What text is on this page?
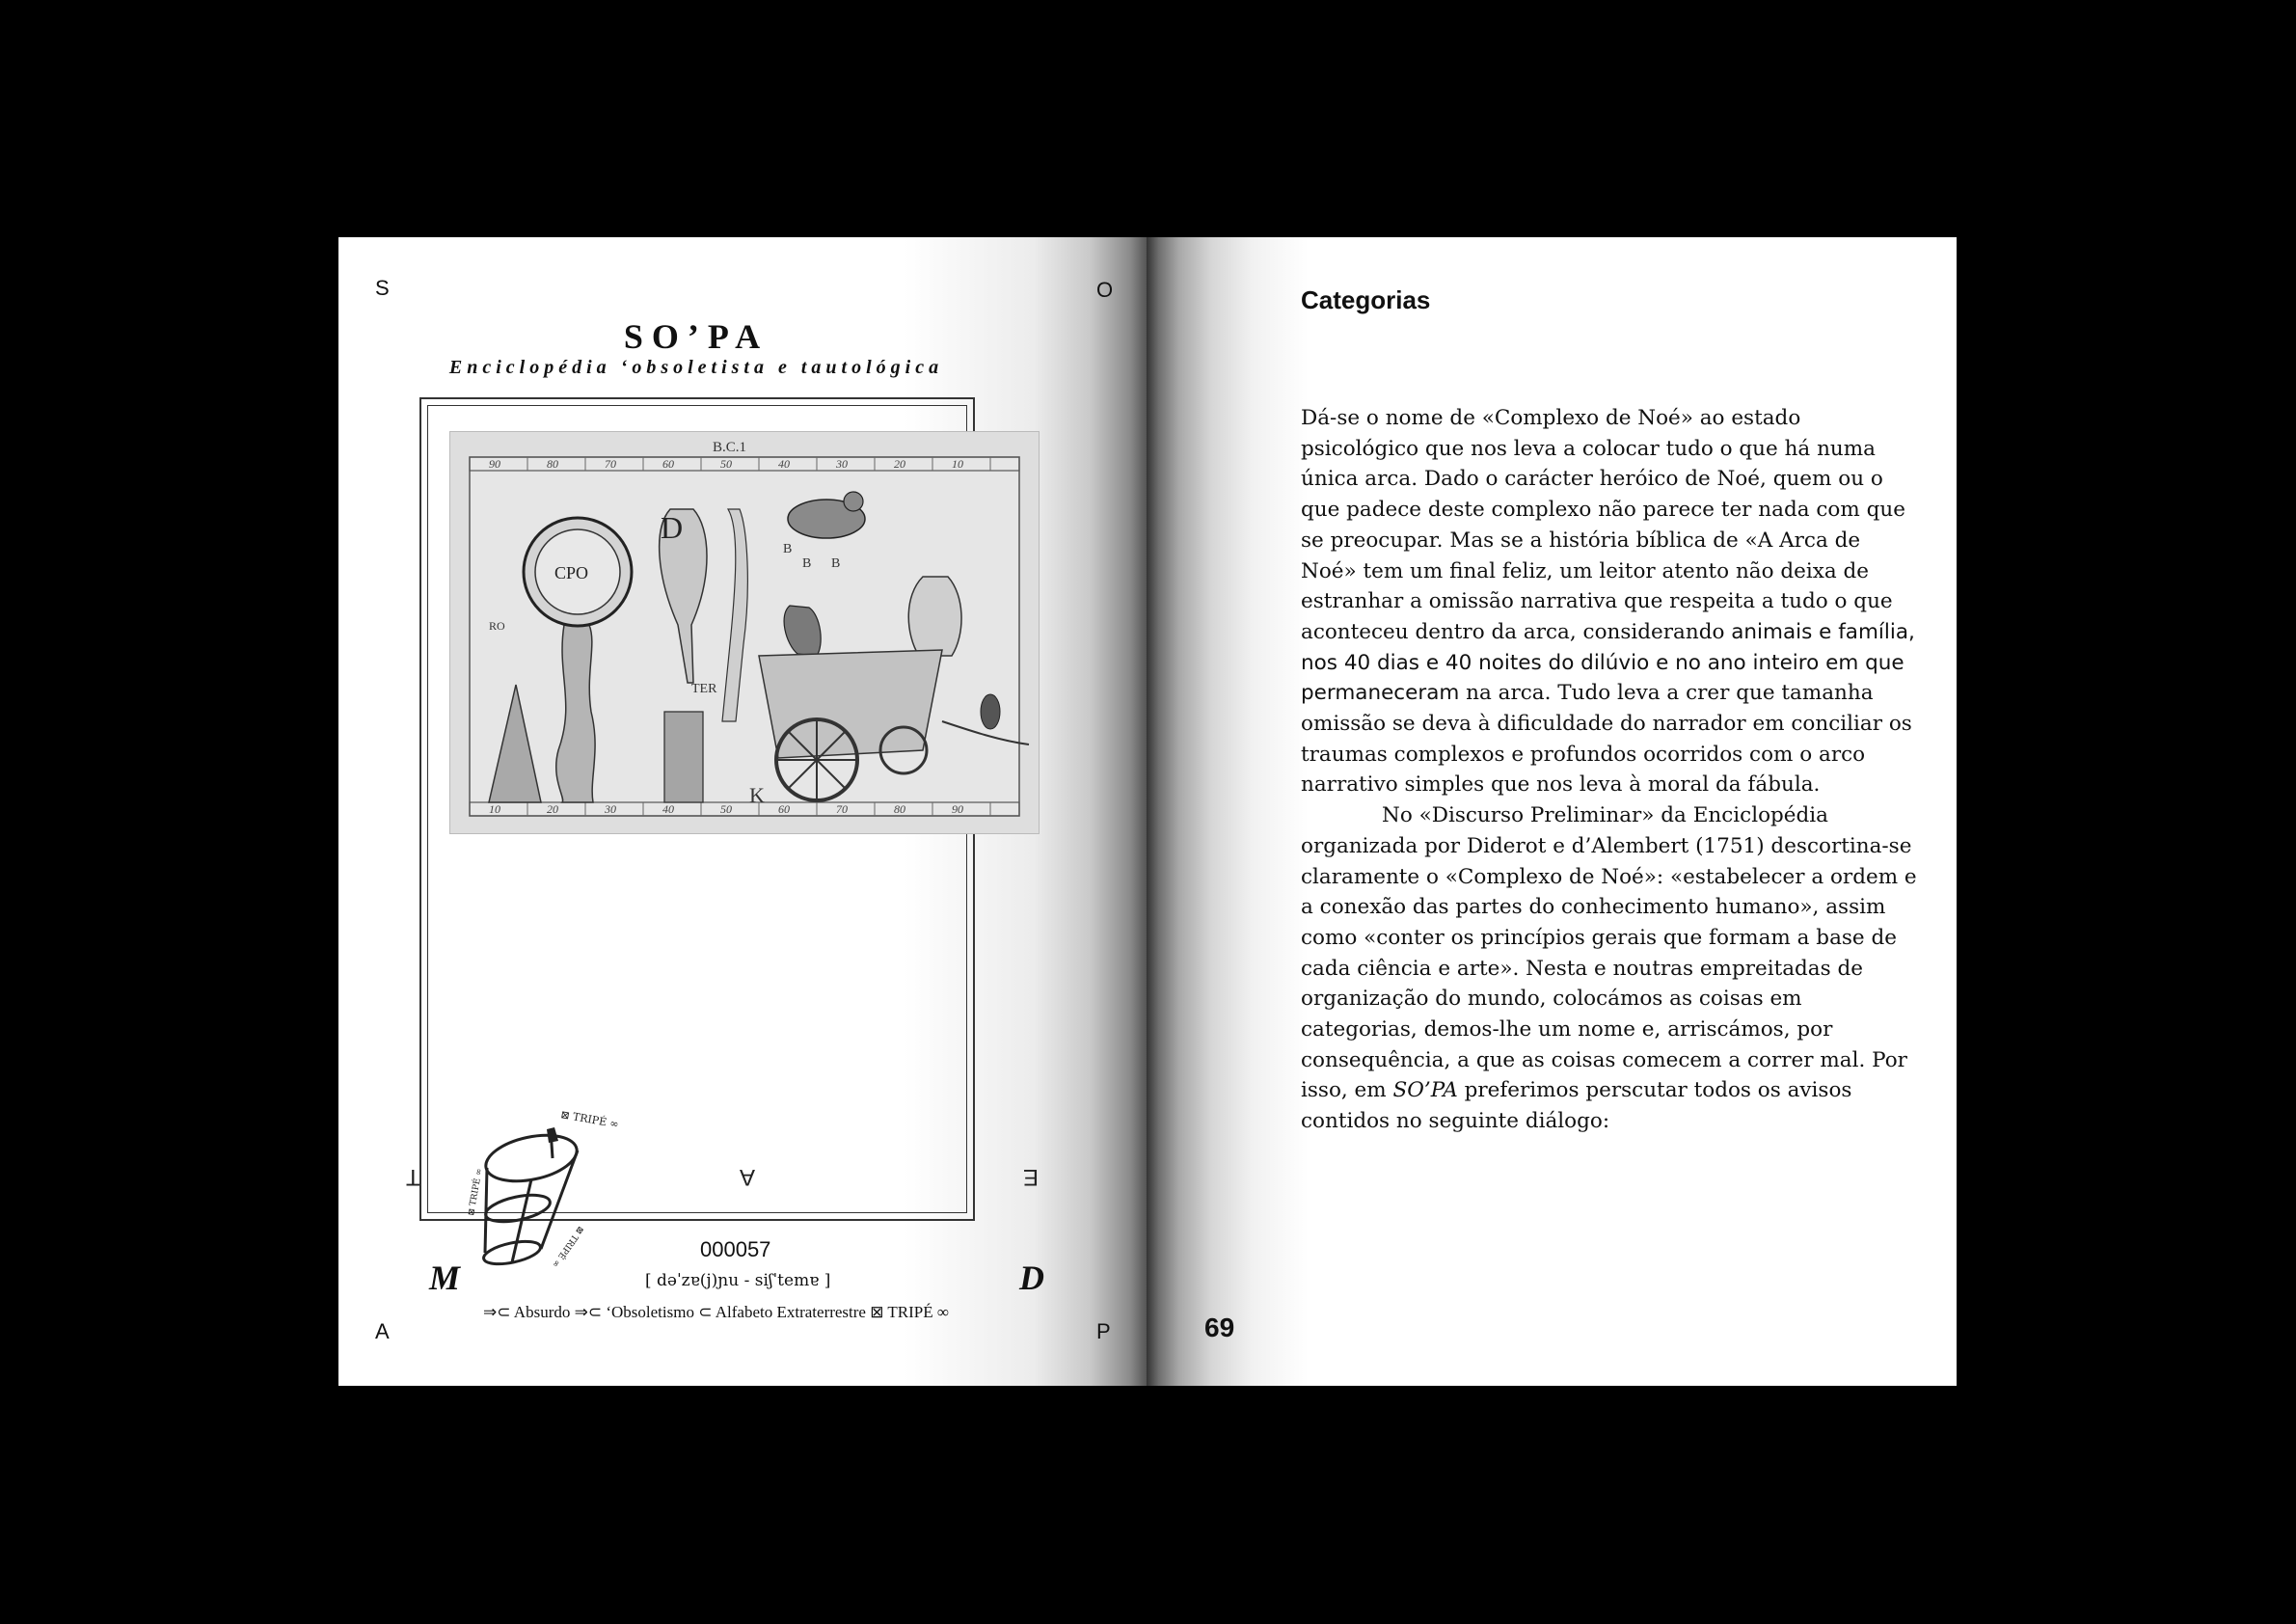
S	O
A	P
SO’PA
Enciclopédia ‘obsoletista e tautológica
90	80	70	60	50	40	30	20	10
10	20	30	40	50	60	70	80	90
B.C.1
CPO
D
B
B B
TER
RO
K
T	A	E
⊠ TRIPÉ ∞
⊠ TRIPÉ ∞
⊠ TRIPÉ ∞	000057
[ dəˈzɐ(j)ɲu - siʃˈtemɐ ]
M	D
⇒⊂ Absurdo ⇒⊂ ‘Obsoletismo ⊂ Alfabeto Extraterrestre ⊠ TRIPÉ ∞
Categorias

Dá-se o nome de «Complexo de Noé» ao estado psicológico que nos leva a colocar tudo o que há numa única arca. Dado o carácter heróico de Noé, quem ou o que padece deste complexo não parece ter nada com que se preocupar. Mas se a história bíblica de «A Arca de Noé» tem um final feliz, um leitor atento não deixa de estranhar a omissão narrativa que respeita a tudo o que aconteceu dentro da arca, considerando animais e família, nos 40 dias e 40 noites do dilúvio e no ano inteiro em que permaneceram na arca. Tudo leva a crer que tamanha omissão se deva à dificuldade do narrador em conciliar os traumas complexos e profundos ocorridos com o arco narrativo simples que nos leva à moral da fábula.

No «Discurso Preliminar» da Enciclopédia organizada por Diderot e d’Alembert (1751) descortina-se claramente o «Complexo de Noé»: «estabelecer a ordem e a conexão das partes do conhecimento humano», assim como «conter os princípios gerais que formam a base de cada ciência e arte». Nesta e noutras empreitadas de organização do mundo, colocámos as coisas em categorias, demos-lhe um nome e, arriscámos, por consequência, a que as coisas comecem a correr mal. Por isso, em SO’PA preferimos perscutar todos os avisos contidos no seguinte diálogo:

69
